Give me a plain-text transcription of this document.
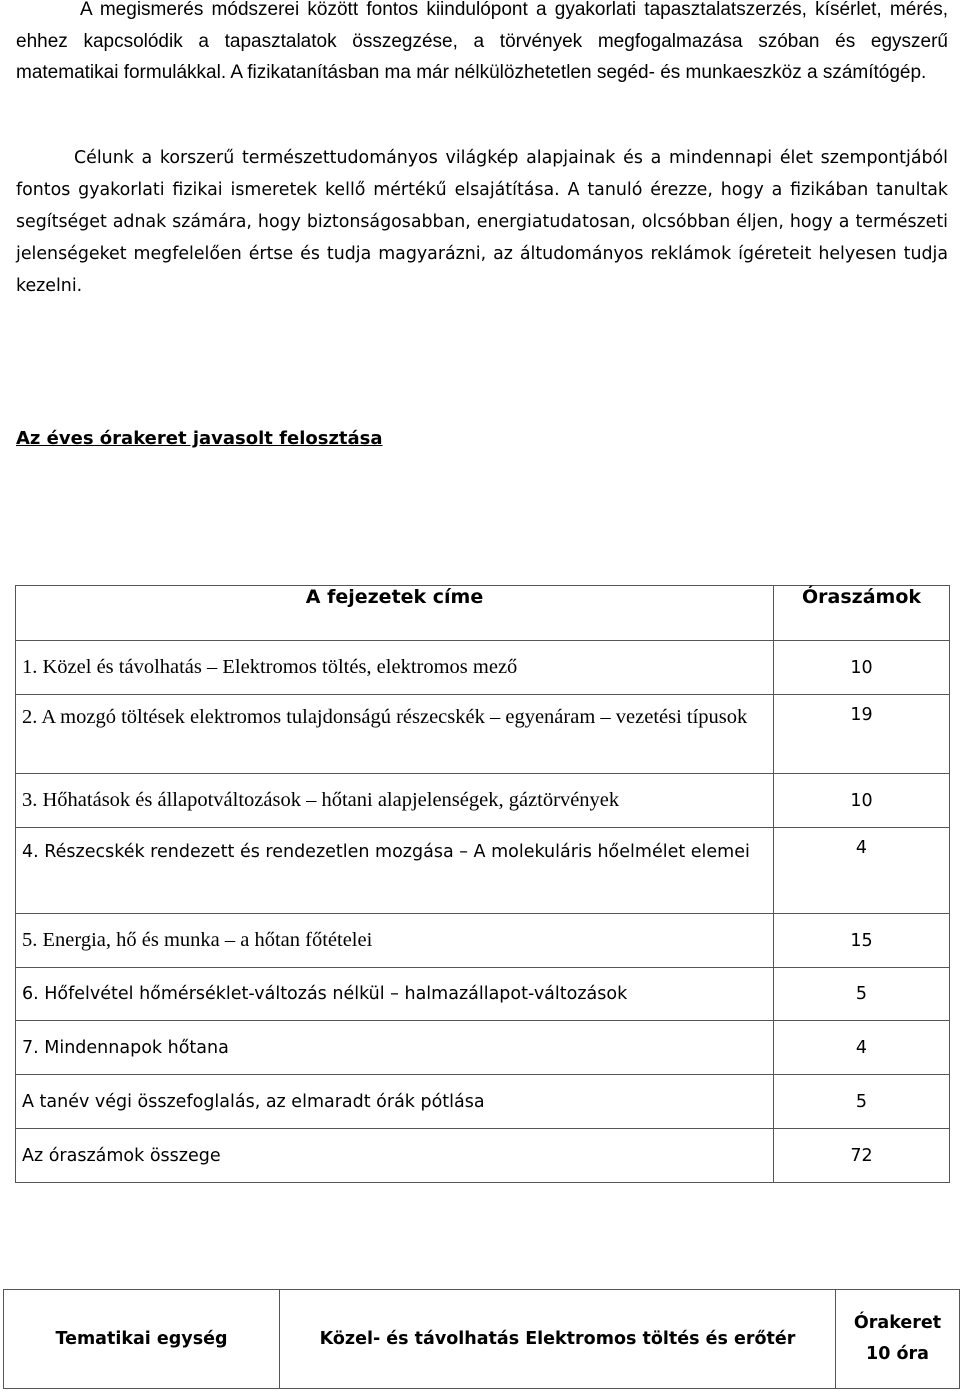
A megismerés módszerei között fontos kiindulópont a gyakorlati tapasztalatszerzés, kísérlet, mérés, ehhez kapcsolódik a tapasztalatok összegzése, a törvények megfogalmazása szóban és egyszerű matematikai formulákkal. A fizikatanításban ma már nélkülözhetetlen segéd- és munkaeszköz a számítógép.

Célunk a korszerű természettudományos világkép alapjainak és a mindennapi élet szempontjából fontos gyakorlati fizikai ismeretek kellő mértékű elsajátítása. A tanuló érezze, hogy a fizikában tanultak segítséget adnak számára, hogy biztonságosabban, energiatudatosan, olcsóbban éljen, hogy a természeti jelenségeket megfelelően értse és tudja magyarázni, az áltudományos reklámok ígéreteit helyesen tudja kezelni.

Az éves órakeret javasolt felosztása
A fejezetek címe	Óraszámok
1. Közel és távolhatás – Elektromos töltés, elektromos mező	10
2. A mozgó töltések elektromos tulajdonságú részecskék – egyenáram – vezetési típusok	19
3. Hőhatások és állapotváltozások – hőtani alapjelenségek, gáztörvények	10
4. Részecskék rendezett és rendezetlen mozgása – A molekuláris hőelmélet elemei	4
5. Energia, hő és munka – a hőtan főtételei	15
6. Hőfelvétel hőmérséklet-változás nélkül – halmazállapot-változások	5
7. Mindennapok hőtana	4
A tanév végi összefoglalás, az elmaradt órák pótlása	5
Az óraszámok összege	72
Tematikai egység	Közel- és távolhatás Elektromos töltés és erőtér	Órakeret
10 óra
